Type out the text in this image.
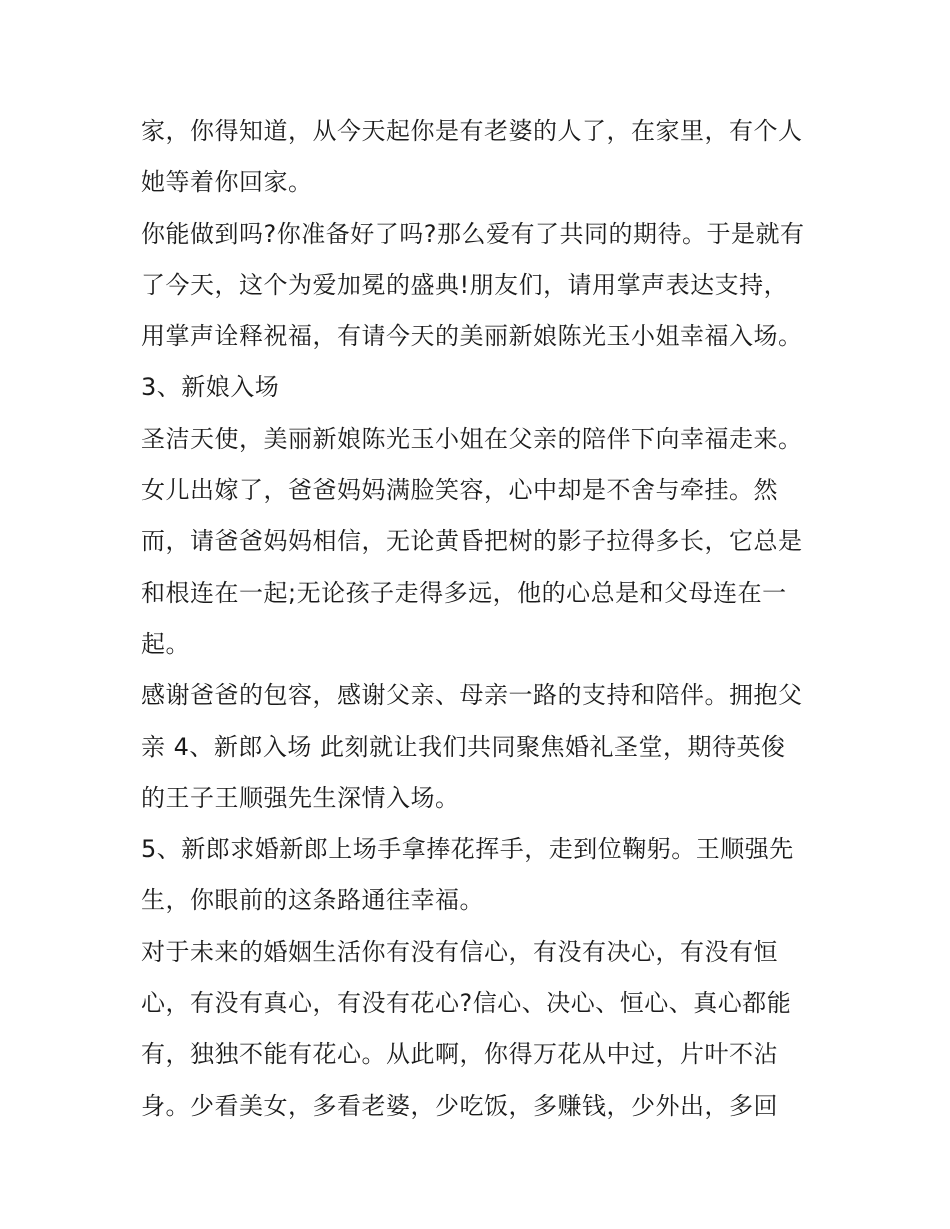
家，你得知道，从今天起你是有老婆的人了，在家里，有个人
她等着你回家。
你能做到吗?你准备好了吗?那么爱有了共同的期待。于是就有
了今天，这个为爱加冕的盛典!朋友们，请用掌声表达支持，
用掌声诠释祝福，有请今天的美丽新娘陈光玉小姐幸福入场。
3、新娘入场
圣洁天使，美丽新娘陈光玉小姐在父亲的陪伴下向幸福走来。
女儿出嫁了，爸爸妈妈满脸笑容，心中却是不舍与牵挂。然
而，请爸爸妈妈相信，无论黄昏把树的影子拉得多长，它总是
和根连在一起;无论孩子走得多远，他的心总是和父母连在一
起。
感谢爸爸的包容，感谢父亲、母亲一路的支持和陪伴。拥抱父
亲 4、新郎入场 此刻就让我们共同聚焦婚礼圣堂，期待英俊
的王子王顺强先生深情入场。
5、新郎求婚新郎上场手拿捧花挥手，走到位鞠躬。王顺强先
生，你眼前的这条路通往幸福。
对于未来的婚姻生活你有没有信心，有没有决心，有没有恒
心，有没有真心，有没有花心?信心、决心、恒心、真心都能
有，独独不能有花心。从此啊，你得万花从中过，片叶不沾
身。少看美女，多看老婆，少吃饭，多赚钱，少外出，多回
